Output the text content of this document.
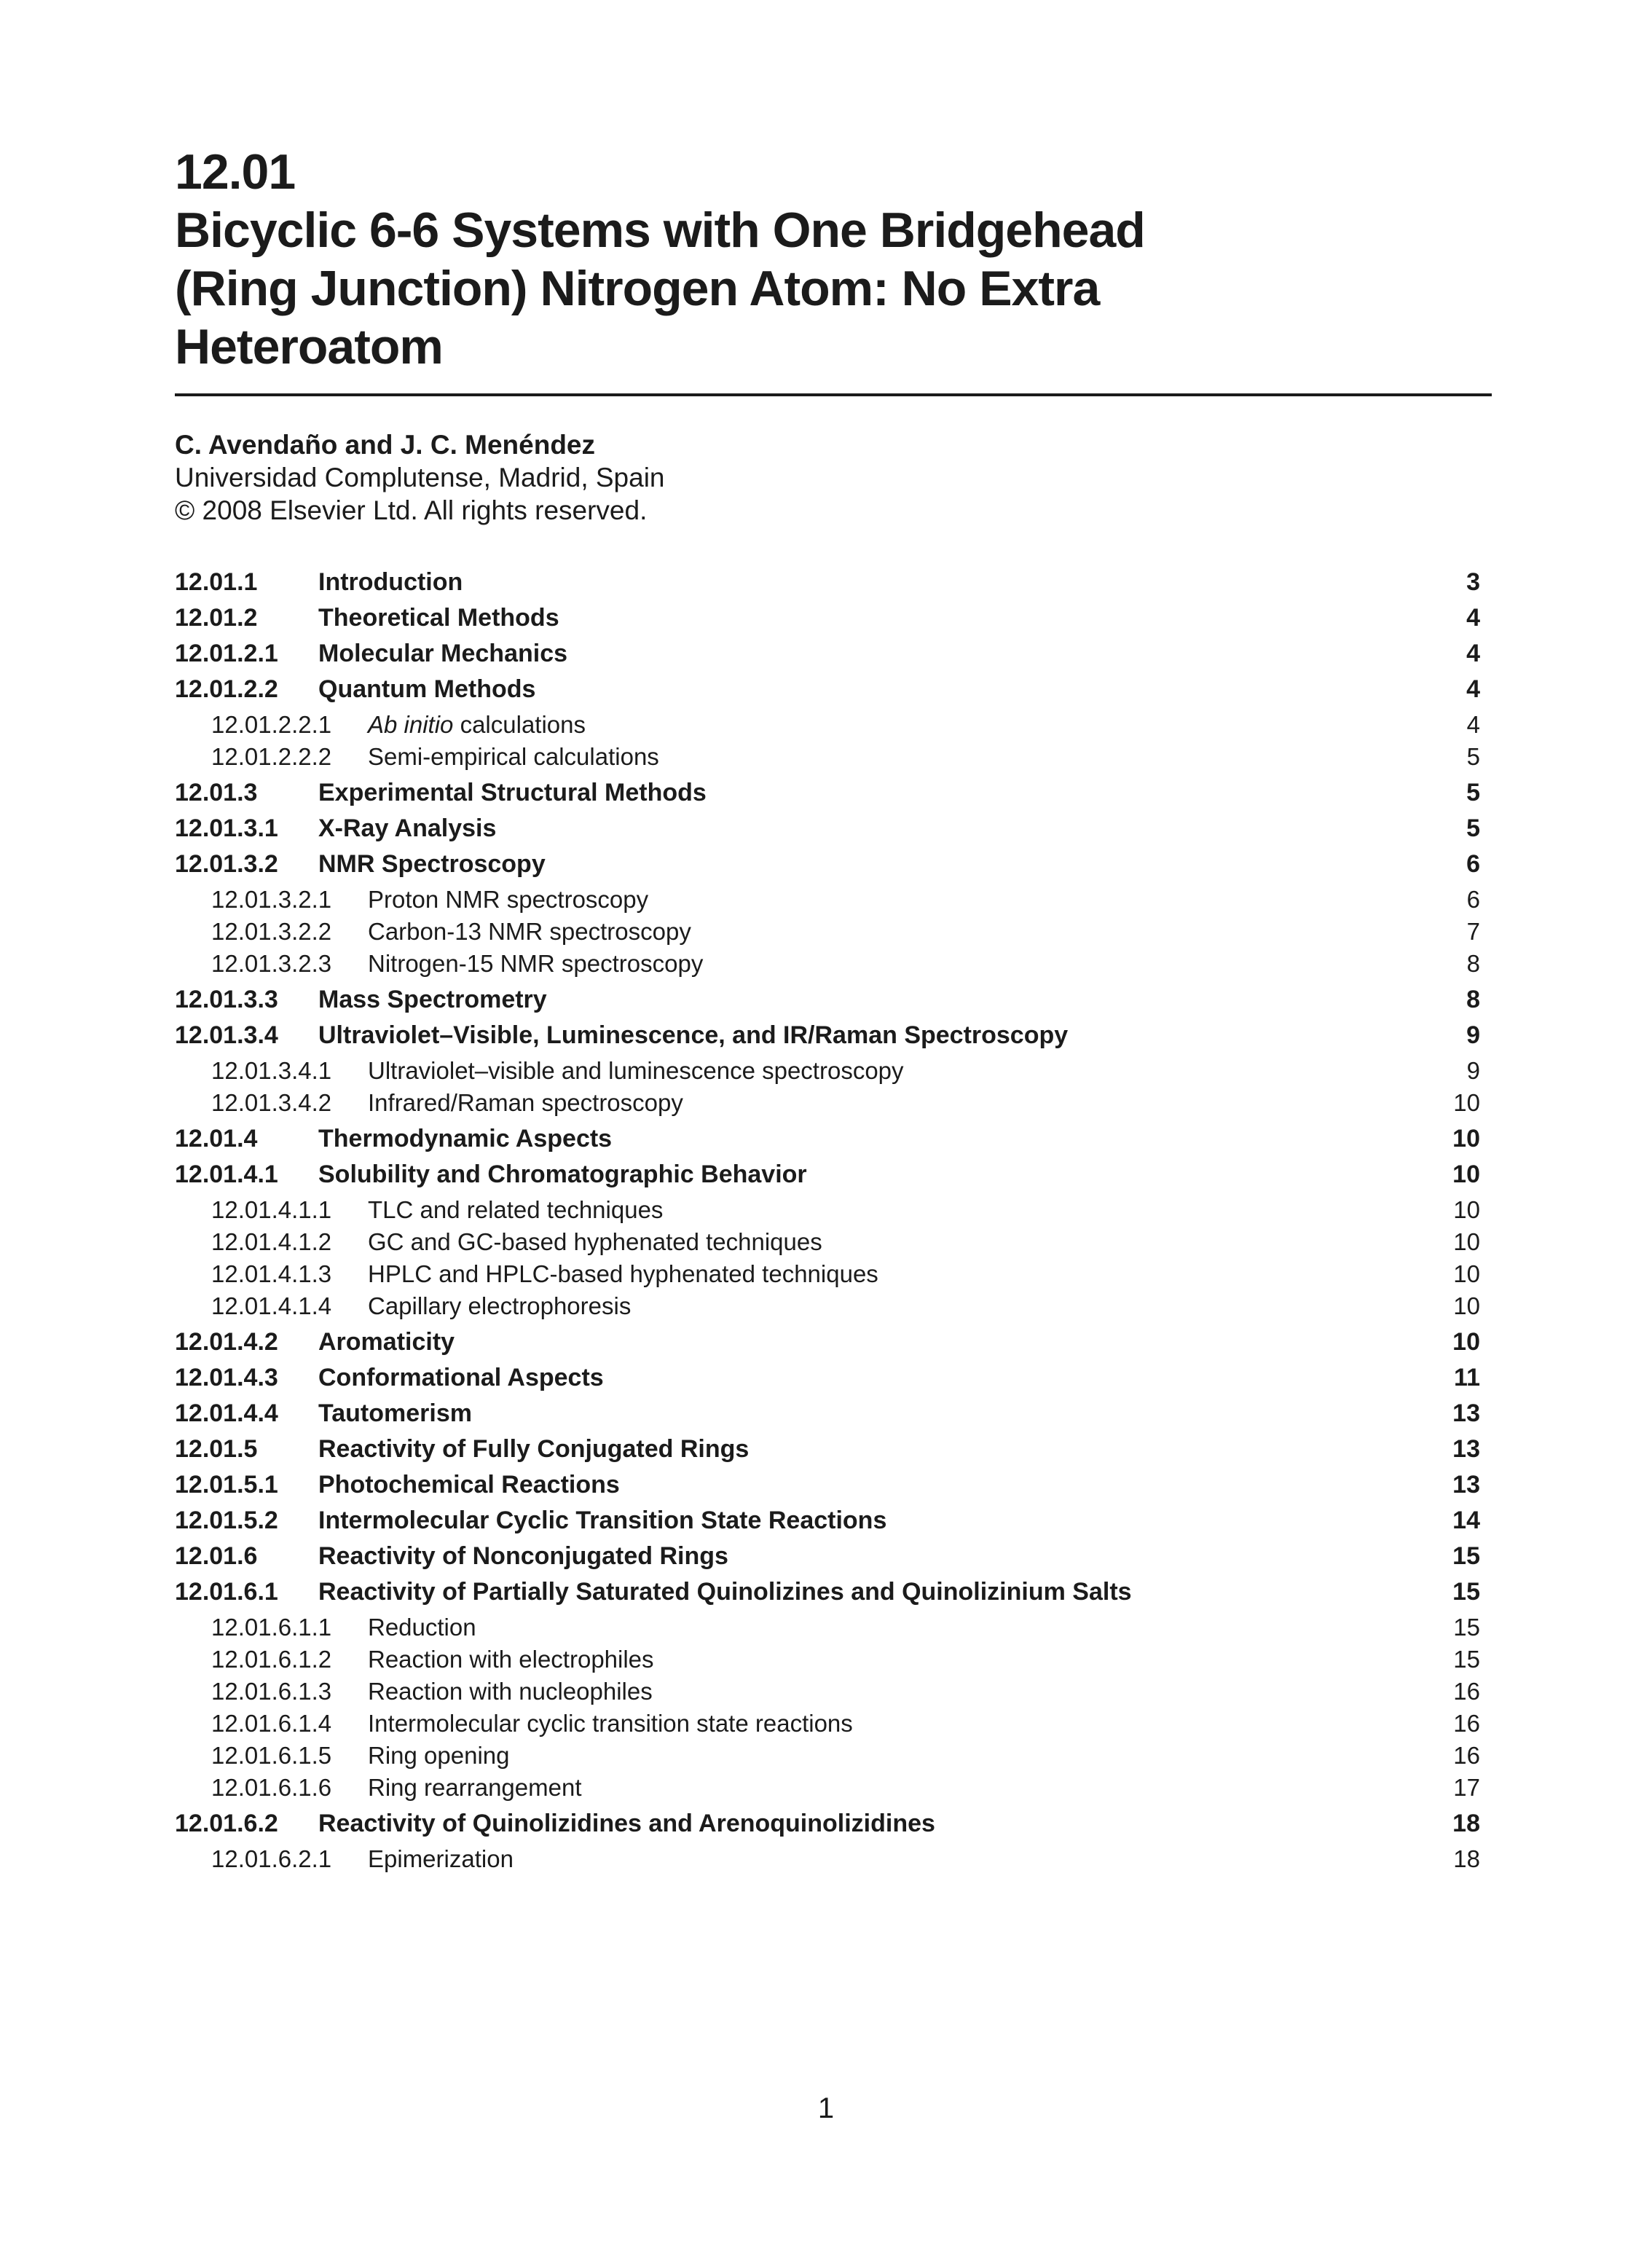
12.01
Bicyclic 6-6 Systems with One Bridgehead
(Ring Junction) Nitrogen Atom: No Extra
Heteroatom
C. Avendaño and J. C. Menéndez
Universidad Complutense, Madrid, Spain
© 2008 Elsevier Ltd. All rights reserved.
12.01.1	Introduction	3
12.01.2	Theoretical Methods	4
12.01.2.1	Molecular Mechanics	4
12.01.2.2	Quantum Methods	4
12.01.2.2.1	Ab initio calculations	4
12.01.2.2.2	Semi-empirical calculations	5
12.01.3	Experimental Structural Methods	5
12.01.3.1	X-Ray Analysis	5
12.01.3.2	NMR Spectroscopy	6
12.01.3.2.1	Proton NMR spectroscopy	6
12.01.3.2.2	Carbon-13 NMR spectroscopy	7
12.01.3.2.3	Nitrogen-15 NMR spectroscopy	8
12.01.3.3	Mass Spectrometry	8
12.01.3.4	Ultraviolet–Visible, Luminescence, and IR/Raman Spectroscopy	9
12.01.3.4.1	Ultraviolet–visible and luminescence spectroscopy	9
12.01.3.4.2	Infrared/Raman spectroscopy	10
12.01.4	Thermodynamic Aspects	10
12.01.4.1	Solubility and Chromatographic Behavior	10
12.01.4.1.1	TLC and related techniques	10
12.01.4.1.2	GC and GC-based hyphenated techniques	10
12.01.4.1.3	HPLC and HPLC-based hyphenated techniques	10
12.01.4.1.4	Capillary electrophoresis	10
12.01.4.2	Aromaticity	10
12.01.4.3	Conformational Aspects	11
12.01.4.4	Tautomerism	13
12.01.5	Reactivity of Fully Conjugated Rings	13
12.01.5.1	Photochemical Reactions	13
12.01.5.2	Intermolecular Cyclic Transition State Reactions	14
12.01.6	Reactivity of Nonconjugated Rings	15
12.01.6.1	Reactivity of Partially Saturated Quinolizines and Quinolizinium Salts	15
12.01.6.1.1	Reduction	15
12.01.6.1.2	Reaction with electrophiles	15
12.01.6.1.3	Reaction with nucleophiles	16
12.01.6.1.4	Intermolecular cyclic transition state reactions	16
12.01.6.1.5	Ring opening	16
12.01.6.1.6	Ring rearrangement	17
12.01.6.2	Reactivity of Quinolizidines and Arenoquinolizidines	18
12.01.6.2.1	Epimerization	18
1
